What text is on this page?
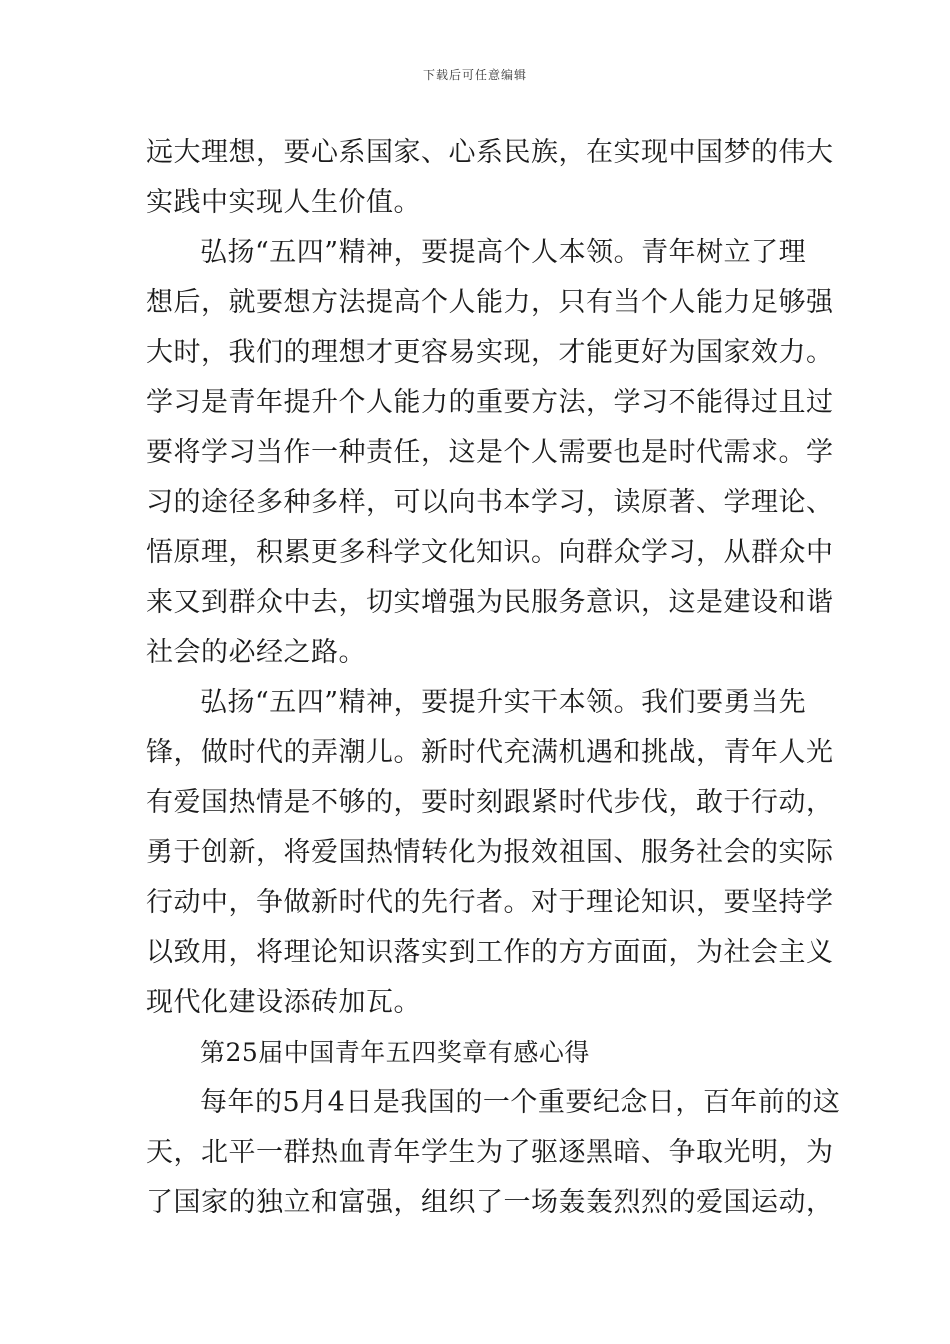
下载后可任意编辑
远大理想，要心系国家、心系民族，在实现中国梦的伟大
实践中实现人生价值。
弘扬“五四”精神，要提高个人本领。青年树立了理
想后，就要想方法提高个人能力，只有当个人能力足够强
大时，我们的理想才更容易实现，才能更好为国家效力。
学习是青年提升个人能力的重要方法，学习不能得过且过
要将学习当作一种责任，这是个人需要也是时代需求。学
习的途径多种多样，可以向书本学习，读原著、学理论、
悟原理，积累更多科学文化知识。向群众学习，从群众中
来又到群众中去，切实增强为民服务意识，这是建设和谐
社会的必经之路。
弘扬“五四”精神，要提升实干本领。我们要勇当先
锋，做时代的弄潮儿。新时代充满机遇和挑战，青年人光
有爱国热情是不够的，要时刻跟紧时代步伐，敢于行动，
勇于创新，将爱国热情转化为报效祖国、服务社会的实际
行动中，争做新时代的先行者。对于理论知识，要坚持学
以致用，将理论知识落实到工作的方方面面，为社会主义
现代化建设添砖加瓦。
第25届中国青年五四奖章有感心得
每年的5月4日是我国的一个重要纪念日，百年前的这
天，北平一群热血青年学生为了驱逐黑暗、争取光明，为
了国家的独立和富强，组织了一场轰轰烈烈的爱国运动，
